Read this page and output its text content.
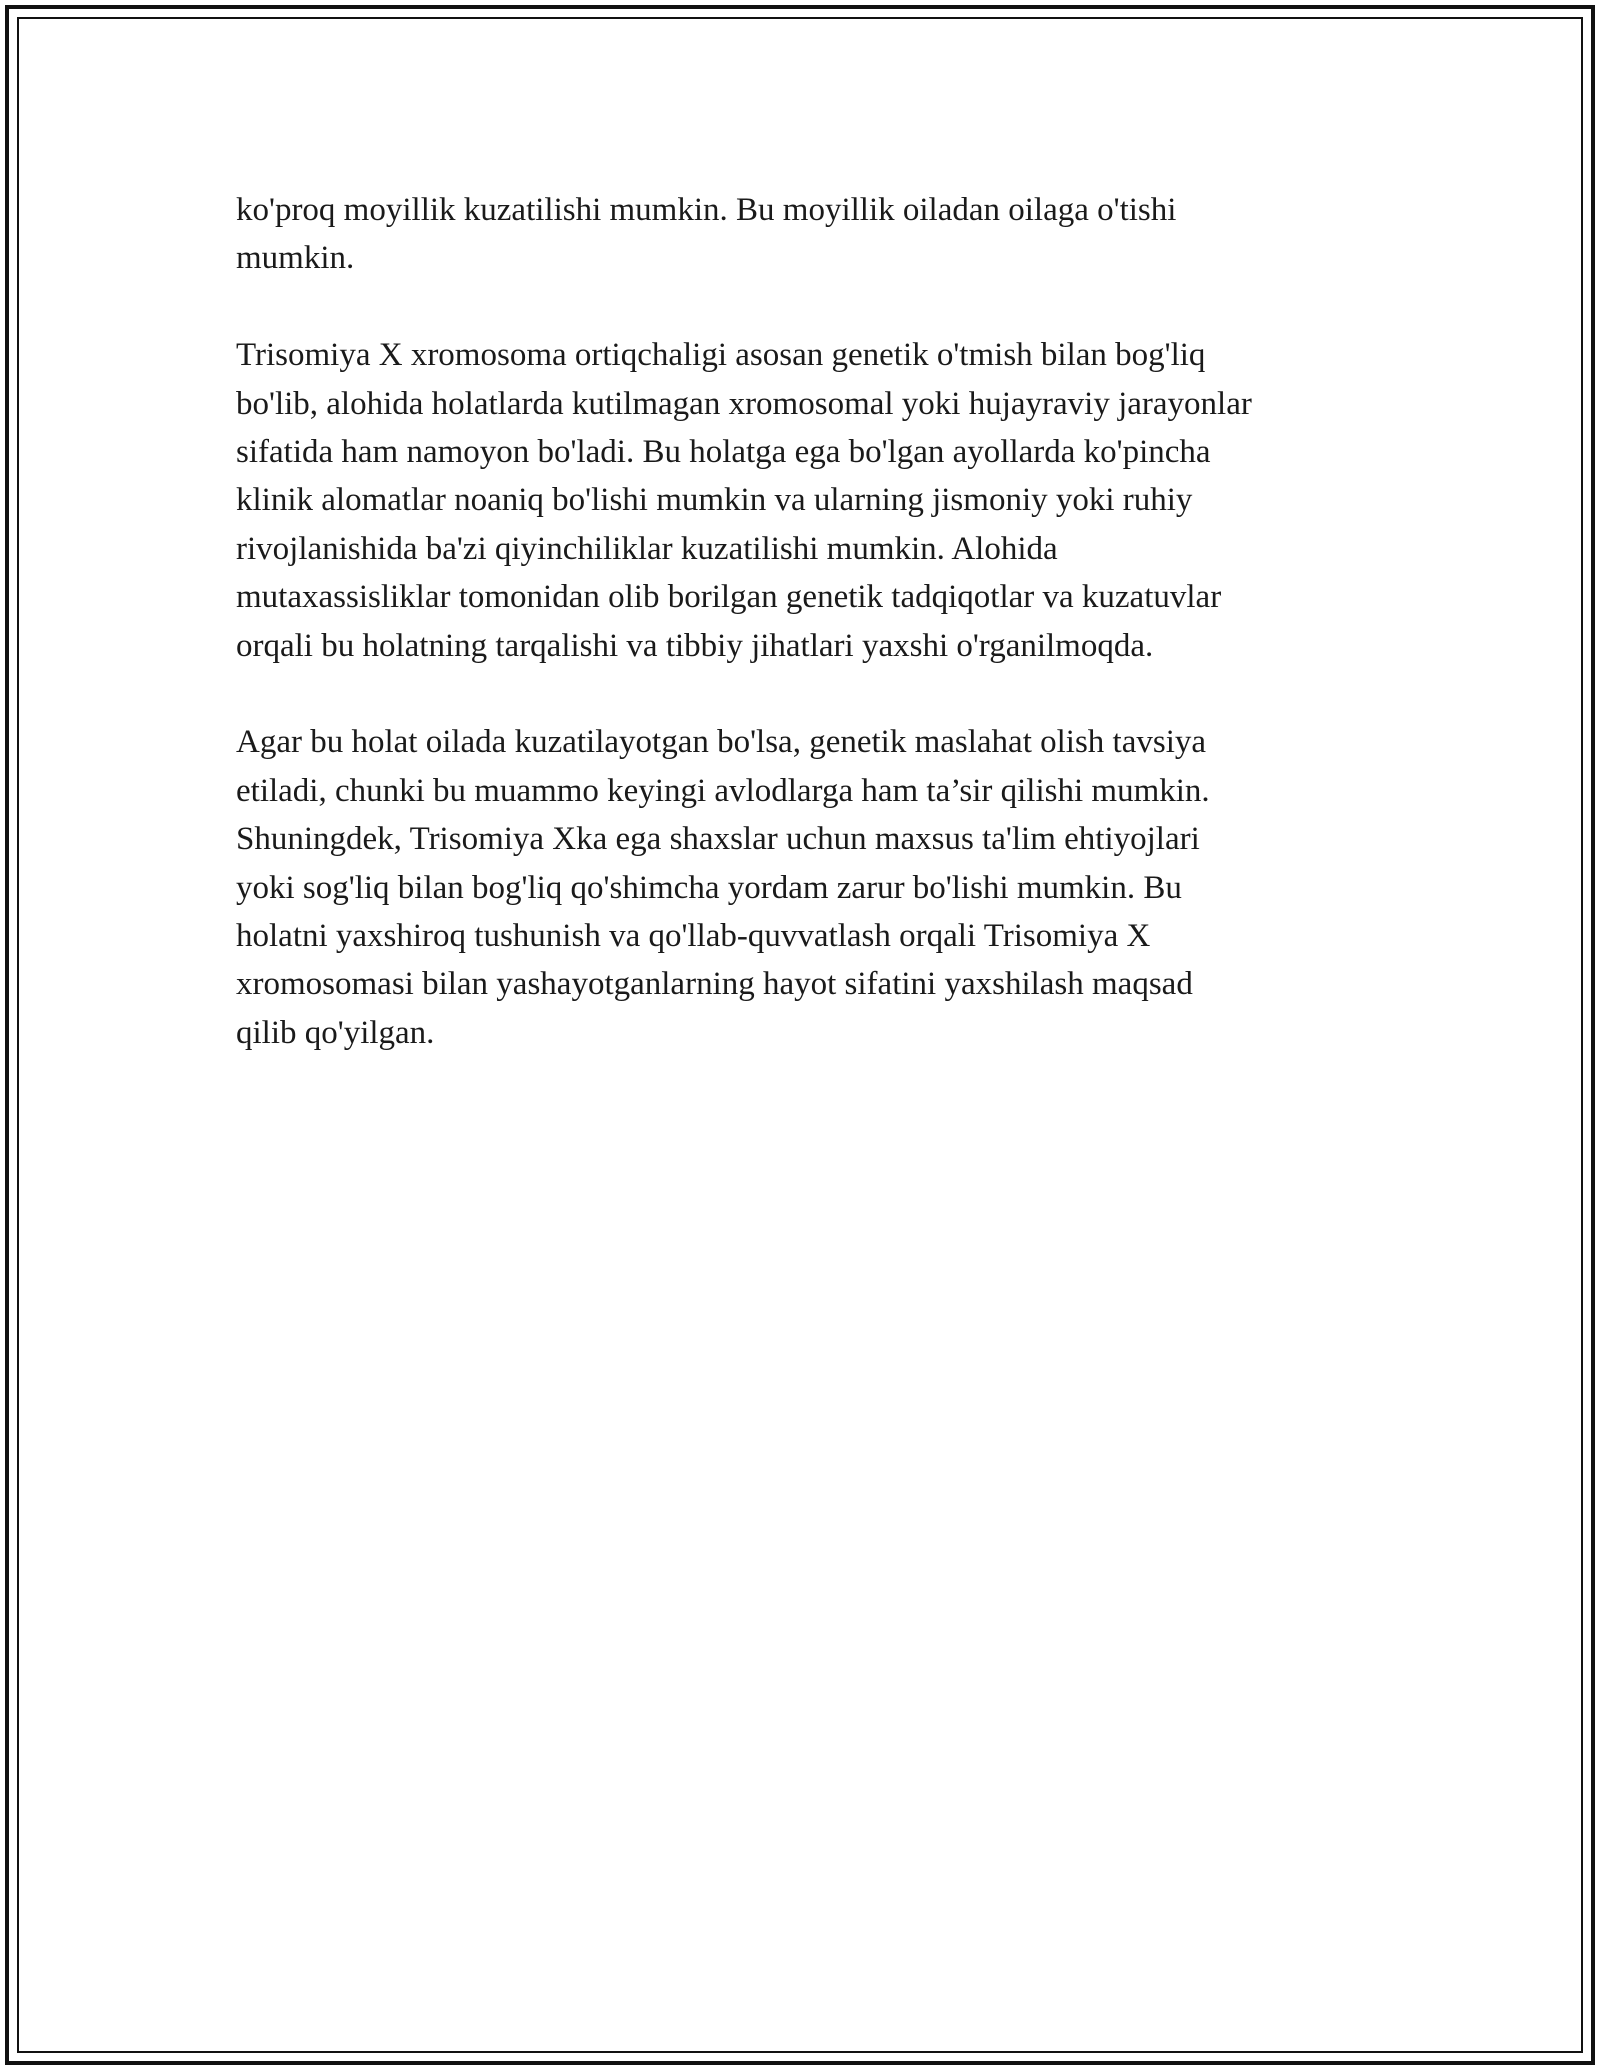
ko'proq moyillik kuzatilishi mumkin. Bu moyillik oiladan oilaga o'tishi
mumkin.

Trisomiya X xromosoma ortiqchaligi asosan genetik o'tmish bilan bog'liq
bo'lib, alohida holatlarda kutilmagan xromosomal yoki hujayraviy jarayonlar
sifatida ham namoyon bo'ladi. Bu holatga ega bo'lgan ayollarda ko'pincha
klinik alomatlar noaniq bo'lishi mumkin va ularning jismoniy yoki ruhiy
rivojlanishida ba'zi qiyinchiliklar kuzatilishi mumkin. Alohida
mutaxassisliklar tomonidan olib borilgan genetik tadqiqotlar va kuzatuvlar
orqali bu holatning tarqalishi va tibbiy jihatlari yaxshi o'rganilmoqda.

Agar bu holat oilada kuzatilayotgan bo'lsa, genetik maslahat olish tavsiya
etiladi, chunki bu muammo keyingi avlodlarga ham ta’sir qilishi mumkin.
Shuningdek, Trisomiya Xka ega shaxslar uchun maxsus ta'lim ehtiyojlari
yoki sog'liq bilan bog'liq qo'shimcha yordam zarur bo'lishi mumkin. Bu
holatni yaxshiroq tushunish va qo'llab-quvvatlash orqali Trisomiya X
xromosomasi bilan yashayotganlarning hayot sifatini yaxshilash maqsad
qilib qo'yilgan.
